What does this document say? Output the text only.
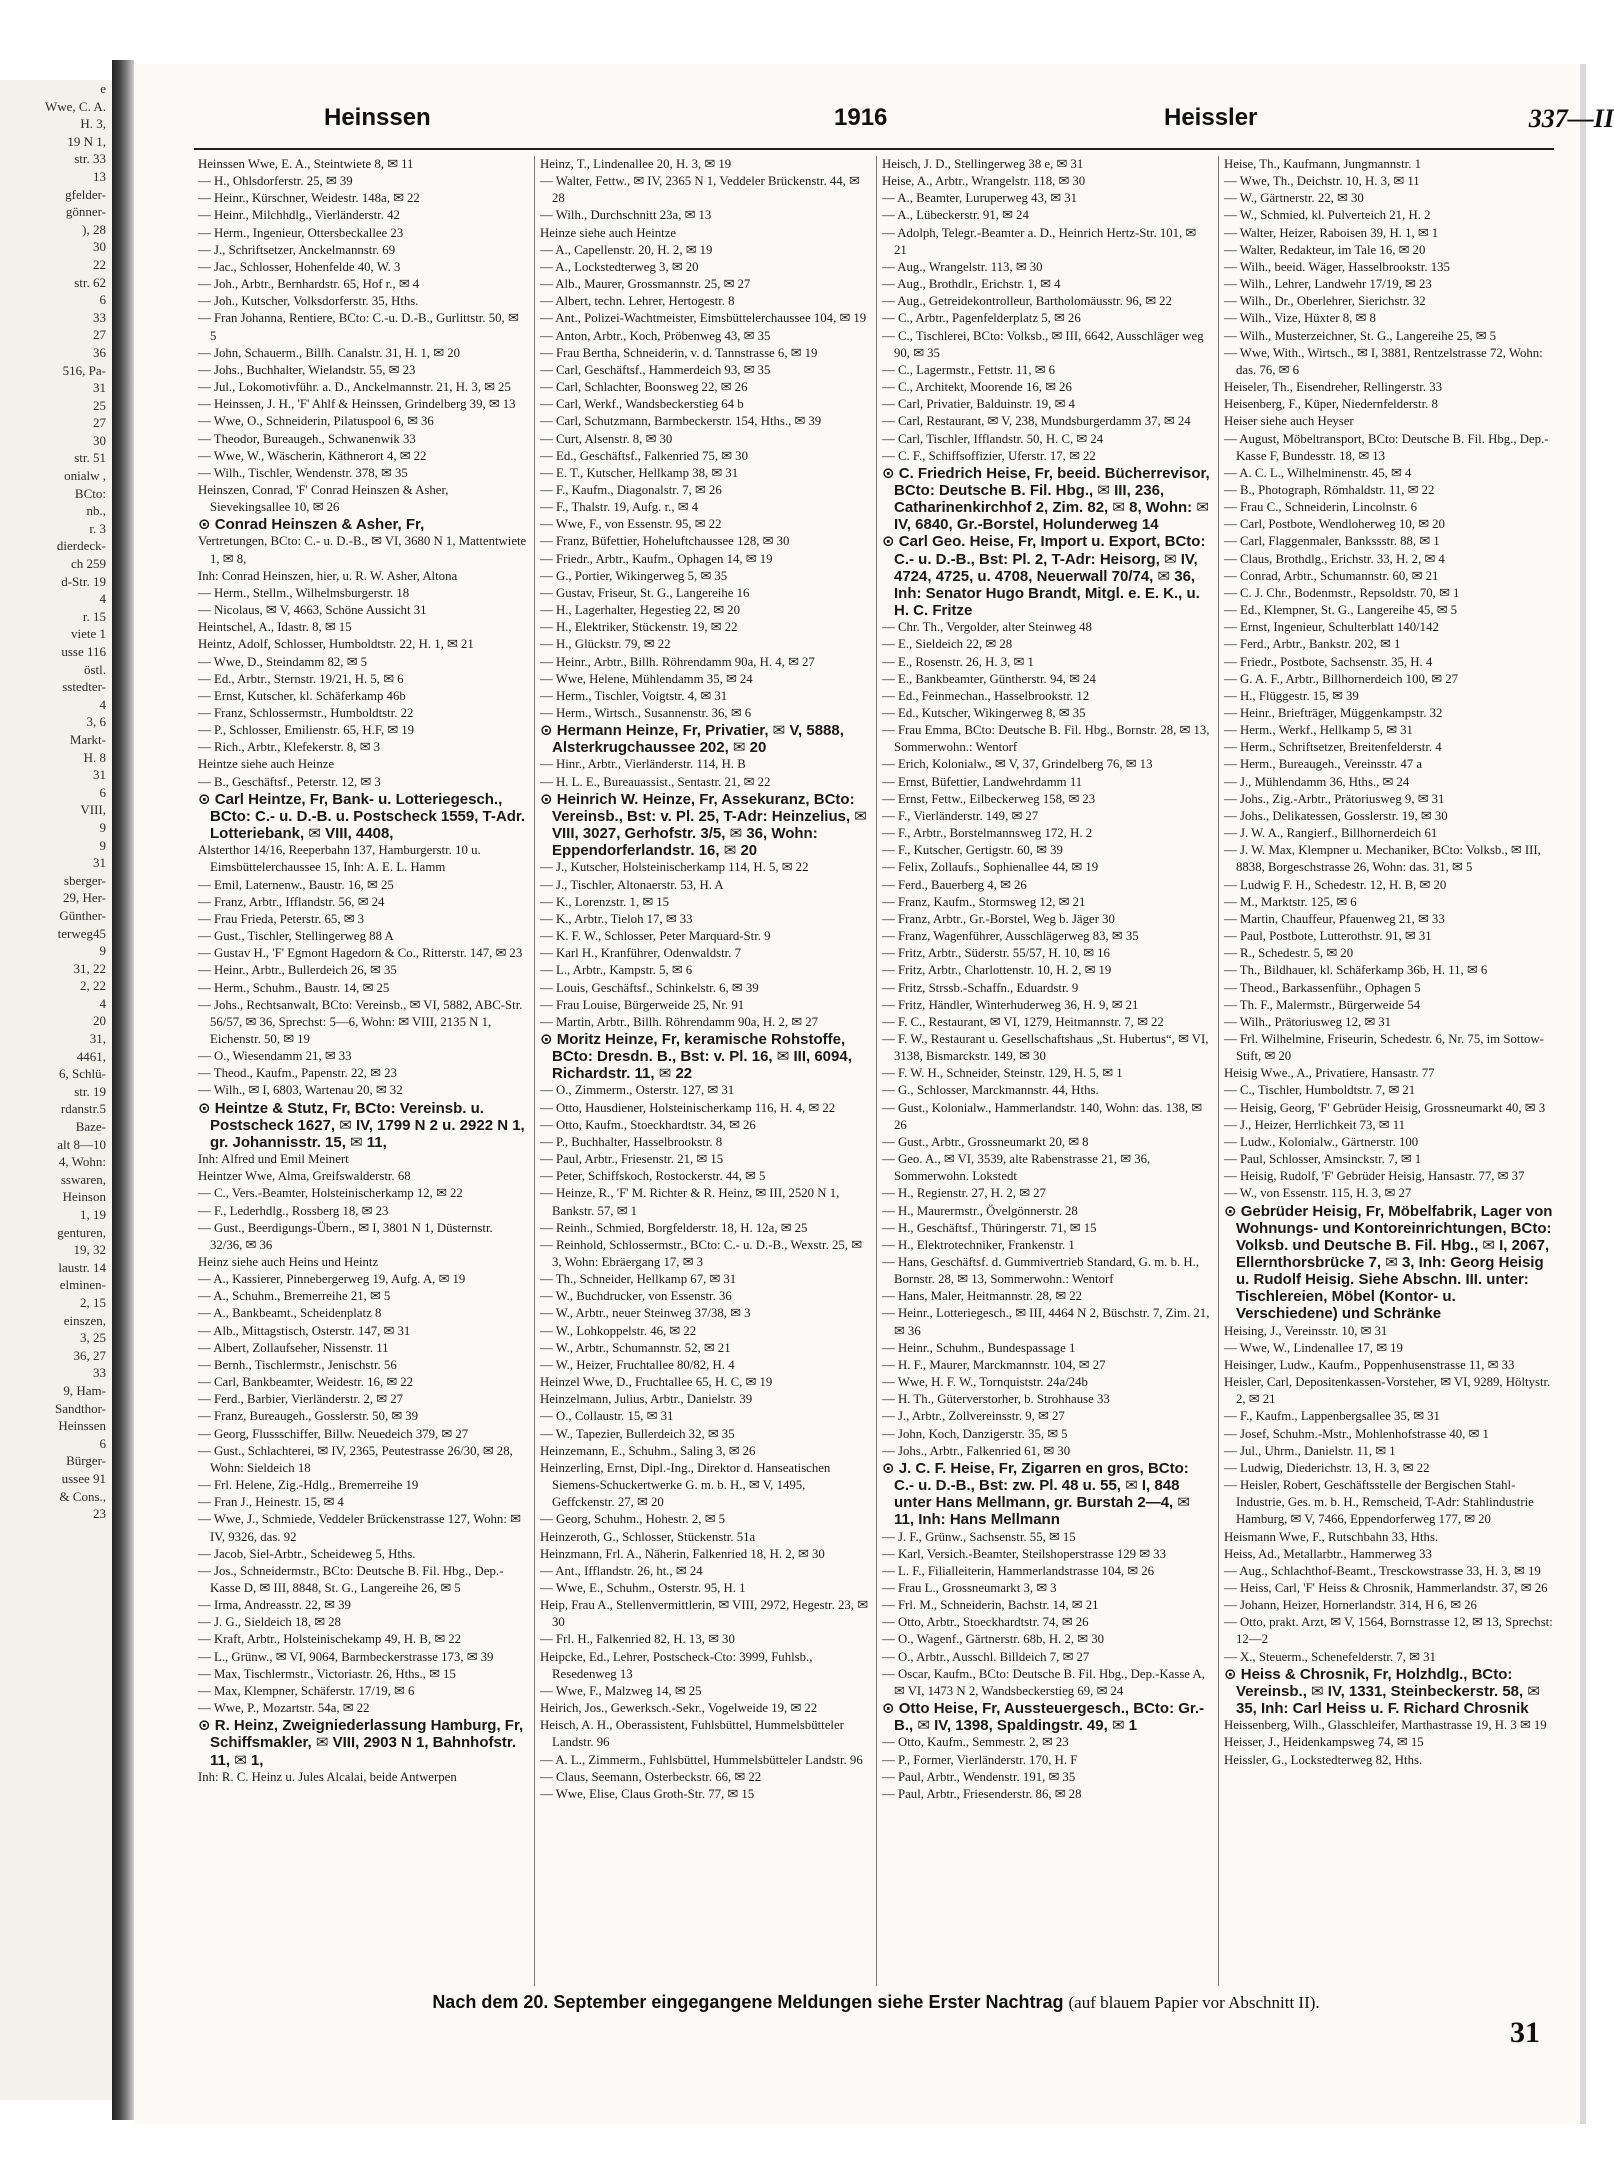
e
Wwe, C. A.
H. 3,
19 N 1,
str. 33
13
gfelder-
gönner-
), 28
30
22
str. 62
6
33
27
36
516, Pa-
31
25
27
30
str. 51
onialw ,
BCto:
nb.,
r. 3
dierdeck-
ch 259
d-Str. 19
4
r. 15
viete 1
usse 116
östl.
sstedter-
4
3, 6
Markt-
H. 8
31
6
VIII,
9
9
31
sberger-
29, Her-
Günther-
terweg45
9
31, 22
2, 22
4
20
31,
4461,
6, Schlü-
str. 19
rdanstr.5
Baze-
alt 8—10
4, Wohn:
sswaren,
Heinson
1, 19
genturen,
19, 32
laustr. 14
elminen-
2, 15
einszen,
3, 25
36, 27
33
9, Ham-
Sandthor-
Heinssen
6
Bürger-
ussee 91
& Cons.,
23
Heinssen	1916	Heissler	337—II
Heinssen Wwe, E. A., Steintwiete 8, ✉ 11
— H., Ohlsdorferstr. 25, ✉ 39
— Heinr., Kürschner, Weidestr. 148a, ✉ 22
— Heinr., Milchhdlg., Vierländerstr. 42
— Herm., Ingenieur, Ottersbeckallee 23
— J., Schriftsetzer, Anckelmannstr. 69
— Jac., Schlosser, Hohenfelde 40, W. 3
— Joh., Arbtr., Bernhardstr. 65, Hof r., ✉ 4
— Joh., Kutscher, Volksdorferstr. 35, Hths.
— Fran Johanna, Rentiere, BCto: C.-u. D.-B., Gurlittstr. 50, ✉ 5
— John, Schauerm., Billh. Canalstr. 31, H. 1, ✉ 20
— Johs., Buchhalter, Wielandstr. 55, ✉ 23
— Jul., Lokomotivführ. a. D., Anckelmannstr. 21, H. 3, ✉ 25
— Heinssen, J. H., 'F' Ahlf & Heinssen, Grindelberg 39, ✉ 13
— Wwe, O., Schneiderin, Pilatuspool 6, ✉ 36
— Theodor, Bureaugeh., Schwanenwik 33
— Wwe, W., Wäscherin, Käthnerort 4, ✉ 22
— Wilh., Tischler, Wendenstr. 378, ✉ 35
Heinszen, Conrad, 'F' Conrad Heinszen & Asher, Sievekingsallee 10, ✉ 26
⊙ Conrad Heinszen & Asher, Fr,
Vertretungen, BCto: C.- u. D.-B., ✉ VI, 3680 N 1, Mattentwiete 1, ✉ 8,
Inh: Conrad Heinszen, hier, u. R. W. Asher, Altona
— Herm., Stellm., Wilhelmsburgerstr. 18
— Nicolaus, ✉ V, 4663, Schöne Aussicht 31
Heintschel, A., Idastr. 8, ✉ 15
Heintz, Adolf, Schlosser, Humboldtstr. 22, H. 1, ✉ 21
— Wwe, D., Steindamm 82, ✉ 5
— Ed., Arbtr., Sternstr. 19/21, H. 5, ✉ 6
— Ernst, Kutscher, kl. Schäferkamp 46b
— Franz, Schlossermstr., Humboldtstr. 22
— P., Schlosser, Emilienstr. 65, H.F, ✉ 19
— Rich., Arbtr., Klefekerstr. 8, ✉ 3
Heintze siehe auch Heinze
— B., Geschäftsf., Peterstr. 12, ✉ 3
⊙ Carl Heintze, Fr, Bank- u. Lotteriegesch., BCto: C.- u. D.-B. u. Postscheck 1559, T-Adr. Lotteriebank, ✉ VIII, 4408,
Alsterthor 14/16, Reeperbahn 137, Hamburgerstr. 10 u. Eimsbüttelerchaussee 15, Inh: A. E. L. Hamm
— Emil, Laternenw., Baustr. 16, ✉ 25
— Franz, Arbtr., Ifflandstr. 56, ✉ 24
— Frau Frieda, Peterstr. 65, ✉ 3
— Gust., Tischler, Stellingerweg 88 A
— Gustav H., 'F' Egmont Hagedorn & Co., Ritterstr. 147, ✉ 23
— Heinr., Arbtr., Bullerdeich 26, ✉ 35
— Herm., Schuhm., Baustr. 14, ✉ 25
— Johs., Rechtsanwalt, BCto: Vereinsb., ✉ VI, 5882, ABC-Str. 56/57, ✉ 36, Sprechst: 5—6, Wohn: ✉ VIII, 2135 N 1, Eichenstr. 50, ✉ 19
— O., Wiesendamm 21, ✉ 33
— Theod., Kaufm., Papenstr. 22, ✉ 23
— Wilh., ✉ I, 6803, Wartenau 20, ✉ 32
⊙ Heintze & Stutz, Fr, BCto: Vereinsb. u. Postscheck 1627, ✉ IV, 1799 N 2 u. 2922 N 1, gr. Johannisstr. 15, ✉ 11,
Inh: Alfred und Emil Meinert
Heintzer Wwe, Alma, Greifswalderstr. 68
— C., Vers.-Beamter, Holsteinischerkamp 12, ✉ 22
— F., Lederhdlg., Rossberg 18, ✉ 23
— Gust., Beerdigungs-Übern., ✉ I, 3801 N 1, Düsternstr. 32/36, ✉ 36
Heinz siehe auch Heins und Heintz
— A., Kassierer, Pinnebergerweg 19, Aufg. A, ✉ 19
— A., Schuhm., Bremerreihe 21, ✉ 5
— A., Bankbeamt., Scheidenplatz 8
— Alb., Mittagstisch, Osterstr. 147, ✉ 31
— Albert, Zollaufseher, Nissenstr. 11
— Bernh., Tischlermstr., Jenischstr. 56
— Carl, Bankbeamter, Weidestr. 16, ✉ 22
— Ferd., Barbier, Vierländerstr. 2, ✉ 27
— Franz, Bureaugeh., Gosslerstr. 50, ✉ 39
— Georg, Flussschiffer, Billw. Neuedeich 379, ✉ 27
— Gust., Schlachterei, ✉ IV, 2365, Peutestrasse 26/30, ✉ 28, Wohn: Sieldeich 18
— Frl. Helene, Zig.-Hdlg., Bremerreihe 19
— Fran J., Heinestr. 15, ✉ 4
— Wwe, J., Schmiede, Veddeler Brückenstrasse 127, Wohn: ✉ IV, 9326, das. 92
— Jacob, Siel-Arbtr., Scheideweg 5, Hths.
— Jos., Schneidermstr., BCto: Deutsche B. Fil. Hbg., Dep.-Kasse D, ✉ III, 8848, St. G., Langereihe 26, ✉ 5
— Irma, Andreasstr. 22, ✉ 39
— J. G., Sieldeich 18, ✉ 28
— Kraft, Arbtr., Holsteinischekamp 49, H. B, ✉ 22
— L., Grünw., ✉ VI, 9064, Barmbeckerstrasse 173, ✉ 39
— Max, Tischlermstr., Victoriastr. 26, Hths., ✉ 15
— Max, Klempner, Schäferstr. 17/19, ✉ 6
— Wwe, P., Mozartstr. 54a, ✉ 22
⊙ R. Heinz, Zweigniederlassung Hamburg, Fr, Schiffsmakler, ✉ VIII, 2903 N 1, Bahnhofstr. 11, ✉ 1,
Inh: R. C. Heinz u. Jules Alcalai, beide Antwerpen
Heinz, T., Lindenallee 20, H. 3, ✉ 19
— Walter, Fettw., ✉ IV, 2365 N 1, Veddeler Brückenstr. 44, ✉ 28
— Wilh., Durchschnitt 23a, ✉ 13
Heinze siehe auch Heintze
— A., Capellenstr. 20, H. 2, ✉ 19
— A., Lockstedterweg 3, ✉ 20
— Alb., Maurer, Grossmannstr. 25, ✉ 27
— Albert, techn. Lehrer, Hertogestr. 8
— Ant., Polizei-Wachtmeister, Eimsbüttelerchaussee 104, ✉ 19
— Anton, Arbtr., Koch, Pröbenweg 43, ✉ 35
— Frau Bertha, Schneiderin, v. d. Tannstrasse 6, ✉ 19
— Carl, Geschäftsf., Hammerdeich 93, ✉ 35
— Carl, Schlachter, Boonsweg 22, ✉ 26
— Carl, Werkf., Wandsbeckerstieg 64 b
— Carl, Schutzmann, Barmbeckerstr. 154, Hths., ✉ 39
— Curt, Alsenstr. 8, ✉ 30
— Ed., Geschäftsf., Falkenried 75, ✉ 30
— E. T., Kutscher, Hellkamp 38, ✉ 31
— F., Kaufm., Diagonalstr. 7, ✉ 26
— F., Thalstr. 19, Aufg. r., ✉ 4
— Wwe, F., von Essenstr. 95, ✉ 22
— Franz, Büfettier, Hoheluftchaussee 128, ✉ 30
— Friedr., Arbtr., Kaufm., Ophagen 14, ✉ 19
— G., Portier, Wikingerweg 5, ✉ 35
— Gustav, Friseur, St. G., Langereihe 16
— H., Lagerhalter, Hegestieg 22, ✉ 20
— H., Elektriker, Stückenstr. 19, ✉ 22
— H., Glückstr. 79, ✉ 22
— Heinr., Arbtr., Billh. Röhrendamm 90a, H. 4, ✉ 27
— Wwe, Helene, Mühlendamm 35, ✉ 24
— Herm., Tischler, Voigtstr. 4, ✉ 31
— Herm., Wirtsch., Susannenstr. 36, ✉ 6
⊙ Hermann Heinze, Fr, Privatier, ✉ V, 5888, Alsterkrugchaussee 202, ✉ 20
— Hinr., Arbtr., Vierländerstr. 114, H. B
— H. L. E., Bureauassist., Sentastr. 21, ✉ 22
⊙ Heinrich W. Heinze, Fr, Assekuranz, BCto: Vereinsb., Bst: v. Pl. 25, T-Adr: Heinzelius, ✉ VIII, 3027, Gerhofstr. 3/5, ✉ 36, Wohn: Eppendorferlandstr. 16, ✉ 20
— J., Kutscher, Holsteinischerkamp 114, H. 5, ✉ 22
— J., Tischler, Altonaerstr. 53, H. A
— K., Lorenzstr. 1, ✉ 15
— K., Arbtr., Tieloh 17, ✉ 33
— K. F. W., Schlosser, Peter Marquard-Str. 9
— Karl H., Kranführer, Odenwaldstr. 7
— L., Arbtr., Kampstr. 5, ✉ 6
— Louis, Geschäftsf., Schinkelstr. 6, ✉ 39
— Frau Louise, Bürgerweide 25, Nr. 91
— Martin, Arbtr., Billh. Röhrendamm 90a, H. 2, ✉ 27
⊙ Moritz Heinze, Fr, keramische Rohstoffe, BCto: Dresdn. B., Bst: v. Pl. 16, ✉ III, 6094, Richardstr. 11, ✉ 22
— O., Zimmerm., Osterstr. 127, ✉ 31
— Otto, Hausdiener, Holsteinischerkamp 116, H. 4, ✉ 22
— Otto, Kaufm., Stoeckhardtstr. 34, ✉ 26
— P., Buchhalter, Hasselbrookstr. 8
— Paul, Arbtr., Friesenstr. 21, ✉ 15
— Peter, Schiffskoch, Rostockerstr. 44, ✉ 5
— Heinze, R., 'F' M. Richter & R. Heinz, ✉ III, 2520 N 1, Bankstr. 57, ✉ 1
— Reinh., Schmied, Borgfelderstr. 18, H. 12a, ✉ 25
— Reinhold, Schlossermstr., BCto: C.- u. D.-B., Wexstr. 25, ✉ 3, Wohn: Ebräergang 17, ✉ 3
— Th., Schneider, Hellkamp 67, ✉ 31
— W., Buchdrucker, von Essenstr. 36
— W., Arbtr., neuer Steinweg 37/38, ✉ 3
— W., Lohkoppelstr. 46, ✉ 22
— W., Arbtr., Schumannstr. 52, ✉ 21
— W., Heizer, Fruchtallee 80/82, H. 4
Heinzel Wwe, D., Fruchtallee 65, H. C, ✉ 19
Heinzelmann, Julius, Arbtr., Danielstr. 39
— O., Collaustr. 15, ✉ 31
— W., Tapezier, Bullerdeich 32, ✉ 35
Heinzemann, E., Schuhm., Saling 3, ✉ 26
Heinzerling, Ernst, Dipl.-Ing., Direktor d. Hanseatischen Siemens-Schuckertwerke G. m. b. H., ✉ V, 1495, Geffckenstr. 27, ✉ 20
— Georg, Schuhm., Hohestr. 2, ✉ 5
Heinzeroth, G., Schlosser, Stückenstr. 51a
Heinzmann, Frl. A., Näherin, Falkenried 18, H. 2, ✉ 30
— Ant., Ifflandstr. 26, ht., ✉ 24
— Wwe, E., Schuhm., Osterstr. 95, H. 1
Heip, Frau A., Stellenvermittlerin, ✉ VIII, 2972, Hegestr. 23, ✉ 30
— Frl. H., Falkenried 82, H. 13, ✉ 30
Heipcke, Ed., Lehrer, Postscheck-Cto: 3999, Fuhlsb., Resedenweg 13
— Wwe, F., Malzweg 14, ✉ 25
Heirich, Jos., Gewerksch.-Sekr., Vogelweide 19, ✉ 22
Heisch, A. H., Oberassistent, Fuhlsbüttel, Hummelsbütteler Landstr. 96
— A. L., Zimmerm., Fuhlsbüttel, Hummelsbütteler Landstr. 96
— Claus, Seemann, Osterbeckstr. 66, ✉ 22
— Wwe, Elise, Claus Groth-Str. 77, ✉ 15
Heisch, J. D., Stellingerweg 38 e, ✉ 31
Heise, A., Arbtr., Wrangelstr. 118, ✉ 30
— A., Beamter, Luruperweg 43, ✉ 31
— A., Lübeckerstr. 91, ✉ 24
— Adolph, Telegr.-Beamter a. D., Heinrich Hertz-Str. 101, ✉ 21
— Aug., Wrangelstr. 113, ✉ 30
— Aug., Brothdlr., Erichstr. 1, ✉ 4
— Aug., Getreidekontrolleur, Bartholomäusstr. 96, ✉ 22
— C., Arbtr., Pagenfelderplatz 5, ✉ 26
— C., Tischlerei, BCto: Volksb., ✉ III, 6642, Ausschläger weg 90, ✉ 35
— C., Lagermstr., Fettstr. 11, ✉ 6
— C., Architekt, Moorende 16, ✉ 26
— Carl, Privatier, Balduinstr. 19, ✉ 4
— Carl, Restaurant, ✉ V, 238, Mundsburgerdamm 37, ✉ 24
— Carl, Tischler, Ifflandstr. 50, H. C, ✉ 24
— C. F., Schiffsoffizier, Uferstr. 17, ✉ 22
⊙ C. Friedrich Heise, Fr, beeid. Bücherrevisor, BCto: Deutsche B. Fil. Hbg., ✉ III, 236, Catharinenkirchhof 2, Zim. 82, ✉ 8, Wohn: ✉ IV, 6840, Gr.-Borstel, Holunderweg 14
⊙ Carl Geo. Heise, Fr, Import u. Export, BCto: C.- u. D.-B., Bst: Pl. 2, T-Adr: Heisorg, ✉ IV, 4724, 4725, u. 4708, Neuerwall 70/74, ✉ 36, Inh: Senator Hugo Brandt, Mitgl. e. E. K., u. H. C. Fritze
— Chr. Th., Vergolder, alter Steinweg 48
— E., Sieldeich 22, ✉ 28
— E., Rosenstr. 26, H. 3, ✉ 1
— E., Bankbeamter, Güntherstr. 94, ✉ 24
— Ed., Feinmechan., Hasselbrookstr. 12
— Ed., Kutscher, Wikingerweg 8, ✉ 35
— Frau Emma, BCto: Deutsche B. Fil. Hbg., Bornstr. 28, ✉ 13, Sommerwohn.: Wentorf
— Erich, Kolonialw., ✉ V, 37, Grindelberg 76, ✉ 13
— Ernst, Büfettier, Landwehrdamm 11
— Ernst, Fettw., Eilbeckerweg 158, ✉ 23
— F., Vierländerstr. 149, ✉ 27
— F., Arbtr., Borstelmannsweg 172, H. 2
— F., Kutscher, Gertigstr. 60, ✉ 39
— Felix, Zollaufs., Sophienallee 44, ✉ 19
— Ferd., Bauerberg 4, ✉ 26
— Franz, Kaufm., Stormsweg 12, ✉ 21
— Franz, Arbtr., Gr.-Borstel, Weg b. Jäger 30
— Franz, Wagenführer, Ausschlägerweg 83, ✉ 35
— Fritz, Arbtr., Süderstr. 55/57, H. 10, ✉ 16
— Fritz, Arbtr., Charlottenstr. 10, H. 2, ✉ 19
— Fritz, Strssb.-Schaffn., Eduardstr. 9
— Fritz, Händler, Winterhuderweg 36, H. 9, ✉ 21
— F. C., Restaurant, ✉ VI, 1279, Heitmannstr. 7, ✉ 22
— F. W., Restaurant u. Gesellschaftshaus „St. Hubertus“, ✉ VI, 3138, Bismarckstr. 149, ✉ 30
— F. W. H., Schneider, Steinstr. 129, H. 5, ✉ 1
— G., Schlosser, Marckmannstr. 44, Hths.
— Gust., Kolonialw., Hammerlandstr. 140, Wohn: das. 138, ✉ 26
— Gust., Arbtr., Grossneumarkt 20, ✉ 8
— Geo. A., ✉ VI, 3539, alte Rabenstrasse 21, ✉ 36, Sommerwohn. Lokstedt
— H., Regienstr. 27, H. 2, ✉ 27
— H., Maurermstr., Övelgönnerstr. 28
— H., Geschäftsf., Thüringerstr. 71, ✉ 15
— H., Elektrotechniker, Frankenstr. 1
— Hans, Geschäftsf. d. Gummivertrieb Standard, G. m. b. H., Bornstr. 28, ✉ 13, Sommerwohn.: Wentorf
— Hans, Maler, Heitmannstr. 28, ✉ 22
— Heinr., Lotteriegesch., ✉ III, 4464 N 2, Büschstr. 7, Zim. 21, ✉ 36
— Heinr., Schuhm., Bundespassage 1
— H. F., Maurer, Marckmannstr. 104, ✉ 27
— Wwe, H. F. W., Tornquiststr. 24a/24b
— H. Th., Güterverstorher, b. Strohhause 33
— J., Arbtr., Zollvereinsstr. 9, ✉ 27
— John, Koch, Danzigerstr. 35, ✉ 5
— Johs., Arbtr., Falkenried 61, ✉ 30
⊙ J. C. F. Heise, Fr, Zigarren en gros, BCto: C.- u. D.-B., Bst: zw. Pl. 48 u. 55, ✉ I, 848 unter Hans Mellmann, gr. Burstah 2—4, ✉ 11, Inh: Hans Mellmann
— J. F., Grünw., Sachsenstr. 55, ✉ 15
— Karl, Versich.-Beamter, Steilshoperstrasse 129 ✉ 33
— L. F., Filialleiterin, Hammerlandstrasse 104, ✉ 26
— Frau L., Grossneumarkt 3, ✉ 3
— Frl. M., Schneiderin, Bachstr. 14, ✉ 21
— Otto, Arbtr., Stoeckhardtstr. 74, ✉ 26
— O., Wagenf., Gärtnerstr. 68b, H. 2, ✉ 30
— O., Arbtr., Ausschl. Billdeich 7, ✉ 27
— Oscar, Kaufm., BCto: Deutsche B. Fil. Hbg., Dep.-Kasse A, ✉ VI, 1473 N 2, Wandsbeckerstieg 69, ✉ 24
⊙ Otto Heise, Fr, Aussteuergesch., BCto: Gr.-B., ✉ IV, 1398, Spaldingstr. 49, ✉ 1
— Otto, Kaufm., Semmestr. 2, ✉ 23
— P., Former, Vierländerstr. 170, H. F
— Paul, Arbtr., Wendenstr. 191, ✉ 35
— Paul, Arbtr., Friesenderstr. 86, ✉ 28
Heise, Th., Kaufmann, Jungmannstr. 1
— Wwe, Th., Deichstr. 10, H. 3, ✉ 11
— W., Gärtnerstr. 22, ✉ 30
— W., Schmied, kl. Pulverteich 21, H. 2
— Walter, Heizer, Raboisen 39, H. 1, ✉ 1
— Walter, Redakteur, im Tale 16, ✉ 20
— Wilh., beeid. Wäger, Hasselbrookstr. 135
— Wilh., Lehrer, Landwehr 17/19, ✉ 23
— Wilh., Dr., Oberlehrer, Sierichstr. 32
— Wilh., Vize, Hüxter 8, ✉ 8
— Wilh., Musterzeichner, St. G., Langereihe 25, ✉ 5
— Wwe, With., Wirtsch., ✉ I, 3881, Rentzelstrasse 72, Wohn: das. 76, ✉ 6
Heiseler, Th., Eisendreher, Rellingerstr. 33
Heisenberg, F., Küper, Niedernfelderstr. 8
Heiser siehe auch Heyser
— August, Möbeltransport, BCto: Deutsche B. Fil. Hbg., Dep.-Kasse F, Bundesstr. 18, ✉ 13
— A. C. L., Wilhelminenstr. 45, ✉ 4
— B., Photograph, Römhaldstr. 11, ✉ 22
— Frau C., Schneiderin, Lincolnstr. 6
— Carl, Postbote, Wendloherweg 10, ✉ 20
— Carl, Flaggenmaler, Bankssstr. 88, ✉ 1
— Claus, Brothdlg., Erichstr. 33, H. 2, ✉ 4
— Conrad, Arbtr., Schumannstr. 60, ✉ 21
— C. J. Chr., Bodenmstr., Repsoldstr. 70, ✉ 1
— Ed., Klempner, St. G., Langereihe 45, ✉ 5
— Ernst, Ingenieur, Schulterblatt 140/142
— Ferd., Arbtr., Bankstr. 202, ✉ 1
— Friedr., Postbote, Sachsenstr. 35, H. 4
— G. A. F., Arbtr., Billhornerdeich 100, ✉ 27
— H., Flüggestr. 15, ✉ 39
— Heinr., Briefträger, Müggenkampstr. 32
— Herm., Werkf., Hellkamp 5, ✉ 31
— Herm., Schriftsetzer, Breitenfelderstr. 4
— Herm., Bureaugeh., Vereinsstr. 47 a
— J., Mühlendamm 36, Hths., ✉ 24
— Johs., Zig.-Arbtr., Prätoriusweg 9, ✉ 31
— Johs., Delikatessen, Gosslerstr. 19, ✉ 30
— J. W. A., Rangierf., Billhornerdeich 61
— J. W. Max, Klempner u. Mechaniker, BCto: Volksb., ✉ III, 8838, Borgeschstrasse 26, Wohn: das. 31, ✉ 5
— Ludwig F. H., Schedestr. 12, H. B, ✉ 20
— M., Marktstr. 125, ✉ 6
— Martin, Chauffeur, Pfauenweg 21, ✉ 33
— Paul, Postbote, Lutterothstr. 91, ✉ 31
— R., Schedestr. 5, ✉ 20
— Th., Bildhauer, kl. Schäferkamp 36b, H. 11, ✉ 6
— Theod., Barkassenführ., Ophagen 5
— Th. F., Malermstr., Bürgerweide 54
— Wilh., Prätoriusweg 12, ✉ 31
— Frl. Wilhelmine, Friseurin, Schedestr. 6, Nr. 75, im Sottow-Stift, ✉ 20
Heisig Wwe., A., Privatiere, Hansastr. 77
— C., Tischler, Humboldtstr. 7, ✉ 21
— Heisig, Georg, 'F' Gebrüder Heisig, Grossneumarkt 40, ✉ 3
— J., Heizer, Herrlichkeit 73, ✉ 11
— Ludw., Kolonialw., Gärtnerstr. 100
— Paul, Schlosser, Amsinckstr. 7, ✉ 1
— Heisig, Rudolf, 'F' Gebrüder Heisig, Hansastr. 77, ✉ 37
— W., von Essenstr. 115, H. 3, ✉ 27
⊙ Gebrüder Heisig, Fr, Möbelfabrik, Lager von Wohnungs- und Kontoreinrichtungen, BCto: Volksb. und Deutsche B. Fil. Hbg., ✉ I, 2067, Ellernthorsbrücke 7, ✉ 3, Inh: Georg Heisig u. Rudolf Heisig. Siehe Abschn. III. unter: Tischlereien, Möbel (Kontor- u. Verschiedene) und Schränke
Heising, J., Vereinsstr. 10, ✉ 31
— Wwe, W., Lindenallee 17, ✉ 19
Heisinger, Ludw., Kaufm., Poppenhusenstrasse 11, ✉ 33
Heisler, Carl, Depositenkassen-Vorsteher, ✉ VI, 9289, Höltystr. 2, ✉ 21
— F., Kaufm., Lappenbergsallee 35, ✉ 31
— Josef, Schuhm.-Mstr., Mohlenhofstrasse 40, ✉ 1
— Jul., Uhrm., Danielstr. 11, ✉ 1
— Ludwig, Diederichstr. 13, H. 3, ✉ 22
— Heisler, Robert, Geschäftsstelle der Bergischen Stahl-Industrie, Ges. m. b. H., Remscheid, T-Adr: Stahlindustrie Hamburg, ✉ V, 7466, Eppendorferweg 177, ✉ 20
Heismann Wwe, F., Rutschbahn 33, Hths.
Heiss, Ad., Metallarbtr., Hammerweg 33
— Aug., Schlachthof-Beamt., Tresckowstrasse 33, H. 3, ✉ 19
— Heiss, Carl, 'F' Heiss & Chrosnik, Hammerlandstr. 37, ✉ 26
— Johann, Heizer, Hornerlandstr. 314, H 6, ✉ 26
— Otto, prakt. Arzt, ✉ V, 1564, Bornstrasse 12, ✉ 13, Sprechst: 12—2
— X., Steuerm., Schenefelderstr. 7, ✉ 31
⊙ Heiss & Chrosnik, Fr, Holzhdlg., BCto: Vereinsb., ✉ IV, 1331, Steinbeckerstr. 58, ✉ 35, Inh: Carl Heiss u. F. Richard Chrosnik
Heissenberg, Wilh., Glasschleifer, Marthastrasse 19, H. 3 ✉ 19
Heisser, J., Heidenkampsweg 74, ✉ 15
Heissler, G., Lockstedterweg 82, Hths.
Nach dem 20. September eingegangene Meldungen siehe Erster Nachtrag (auf blauem Papier vor Abschnitt II).
31
